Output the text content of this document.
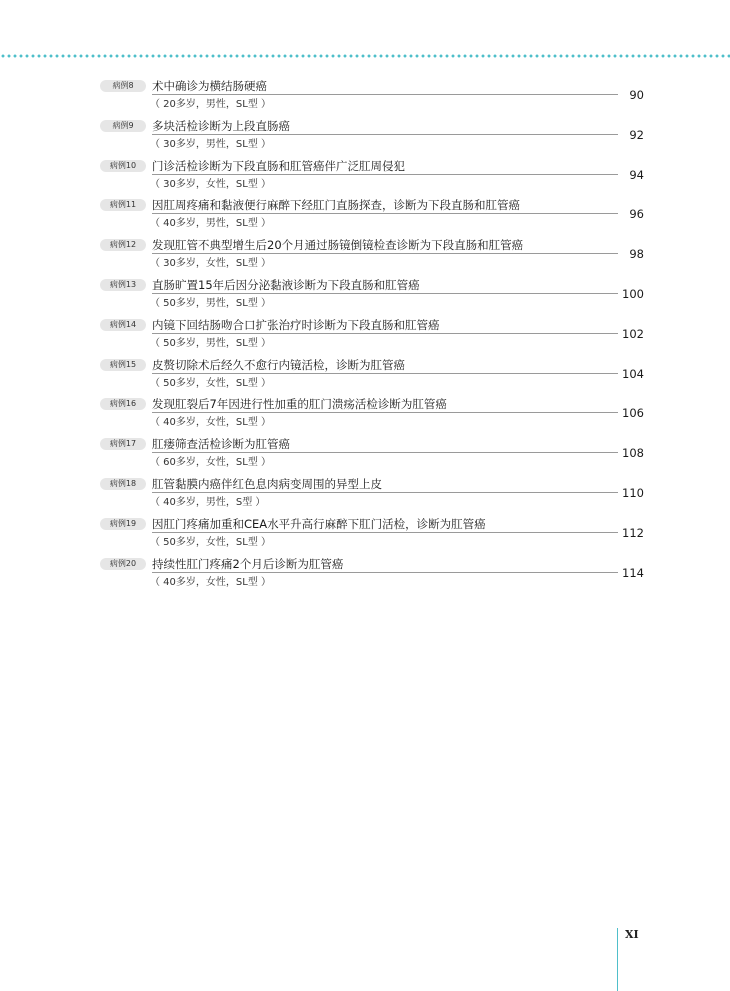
病例8	术中确诊为横结肠硬癌
（ 20多岁，男性，SL型 ）
90
病例9	多块活检诊断为上段直肠癌
（ 30多岁，男性，SL型 ）
92
病例10	门诊活检诊断为下段直肠和肛管癌伴广泛肛周侵犯
（ 30多岁，女性，SL型 ）
94
病例11	因肛周疼痛和黏液便行麻醉下经肛门直肠探查，诊断为下段直肠和肛管癌
（ 40多岁，男性，SL型 ）
96
病例12	发现肛管不典型增生后20个月通过肠镜倒镜检查诊断为下段直肠和肛管癌
（ 30多岁，女性，SL型 ）
98
病例13	直肠旷置15年后因分泌黏液诊断为下段直肠和肛管癌
（ 50多岁，男性，SL型 ）
100
病例14	内镜下回结肠吻合口扩张治疗时诊断为下段直肠和肛管癌
（ 50多岁，男性，SL型 ）
102
病例15	皮赘切除术后经久不愈行内镜活检，诊断为肛管癌
（ 50多岁，女性，SL型 ）
104
病例16	发现肛裂后7年因进行性加重的肛门溃疡活检诊断为肛管癌
（ 40多岁，女性，SL型 ）
106
病例17	肛瘘筛查活检诊断为肛管癌
（ 60多岁，女性，SL型 ）
108
病例18	肛管黏膜内癌伴红色息肉病变周围的异型上皮
（ 40多岁，男性，S型 ）
110
病例19	因肛门疼痛加重和CEA水平升高行麻醉下肛门活检，诊断为肛管癌
（ 50多岁，女性，SL型 ）
112
病例20	持续性肛门疼痛2个月后诊断为肛管癌
（ 40多岁，女性，SL型 ）
114
XI
